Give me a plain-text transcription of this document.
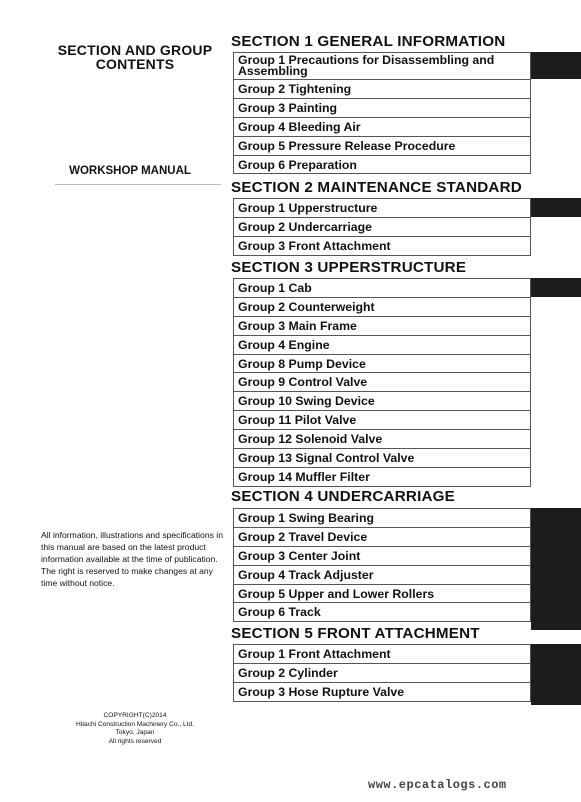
SECTION AND GROUP
CONTENTS
WORKSHOP MANUAL
All information, illustrations and specifications in this manual are based on the latest product information available at the time of publication. The right is reserved to make changes at any time without notice.
COPYRIGHT(C)2014
Hitachi Construction Machinery Co., Ltd.
Tokyo, Japan
All rights reserved
www.epcatalogs.com
SECTION 1 GENERAL INFORMATION
Group 1 Precautions for Disassembling and Assembling
Group 2 Tightening
Group 3 Painting
Group 4 Bleeding Air
Group 5 Pressure Release Procedure
Group 6 Preparation
SECTION 2 MAINTENANCE STANDARD
Group 1 Upperstructure
Group 2 Undercarriage
Group 3 Front Attachment
SECTION 3 UPPERSTRUCTURE
Group 1 Cab
Group 2 Counterweight
Group 3 Main Frame
Group 4 Engine
Group 8 Pump Device
Group 9 Control Valve
Group 10 Swing Device
Group 11 Pilot Valve
Group 12 Solenoid Valve
Group 13 Signal Control Valve
Group 14 Muffler Filter
SECTION 4 UNDERCARRIAGE
Group 1 Swing Bearing
Group 2 Travel Device
Group 3 Center Joint
Group 4 Track Adjuster
Group 5 Upper and Lower Rollers
Group 6 Track
SECTION 5 FRONT ATTACHMENT
Group 1 Front Attachment
Group 2 Cylinder
Group 3 Hose Rupture Valve
